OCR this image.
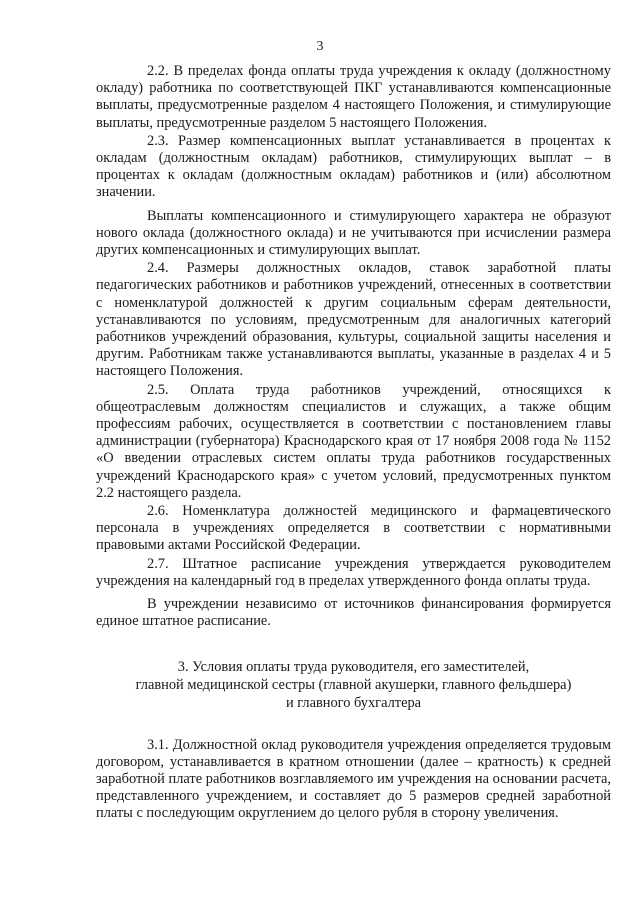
3

2.2. В пределах фонда оплаты труда учреждения к окладу (должностному окладу) работника по соответствующей ПКГ устанавливаются компенсационные выплаты, предусмотренные разделом 4 настоящего Положения, и стимулирующие выплаты, предусмотренные разделом 5 настоящего Положения.

2.3. Размер компенсационных выплат устанавливается в процентах к окладам (должностным окладам) работников, стимулирующих выплат – в процентах к окладам (должностным окладам) работников и (или) абсолютном значении.

Выплаты компенсационного и стимулирующего характера не образуют нового оклада (должностного оклада) и не учитываются при исчислении размера других компенсационных и стимулирующих выплат.

2.4. Размеры должностных окладов, ставок заработной платы педагогических работников и работников учреждений, отнесенных в соответствии с номенклатурой должностей к другим социальным сферам деятельности, устанавливаются по условиям, предусмотренным для аналогичных категорий работников учреждений образования, культуры, социальной защиты населения и другим. Работникам также устанавливаются выплаты, указанные в разделах 4 и 5 настоящего Положения.

2.5. Оплата труда работников учреждений, относящихся к общеотраслевым должностям специалистов и служащих, а также общим профессиям рабочих, осуществляется в соответствии с постановлением главы администрации (губернатора) Краснодарского края от 17 ноября 2008 года № 1152 «О введении отраслевых систем оплаты труда работников государственных учреждений Краснодарского края» с учетом условий, предусмотренных пунктом 2.2 настоящего раздела.

2.6. Номенклатура должностей медицинского и фармацевтического персонала в учреждениях определяется в соответствии с нормативными правовыми актами Российской Федерации.

2.7. Штатное расписание учреждения утверждается руководителем учреждения на календарный год в пределах утвержденного фонда оплаты труда.

В учреждении независимо от источников финансирования формируется единое штатное расписание.

3. Условия оплаты труда руководителя, его заместителей,
главной медицинской сестры (главной акушерки, главного фельдшера)
и главного бухгалтера

3.1. Должностной оклад руководителя учреждения определяется трудовым договором, устанавливается в кратном отношении (далее – кратность) к средней заработной плате работников возглавляемого им учреждения на основании расчета, представленного учреждением, и составляет до 5 размеров средней заработной платы с последующим округлением до целого рубля в сторону увеличения.
